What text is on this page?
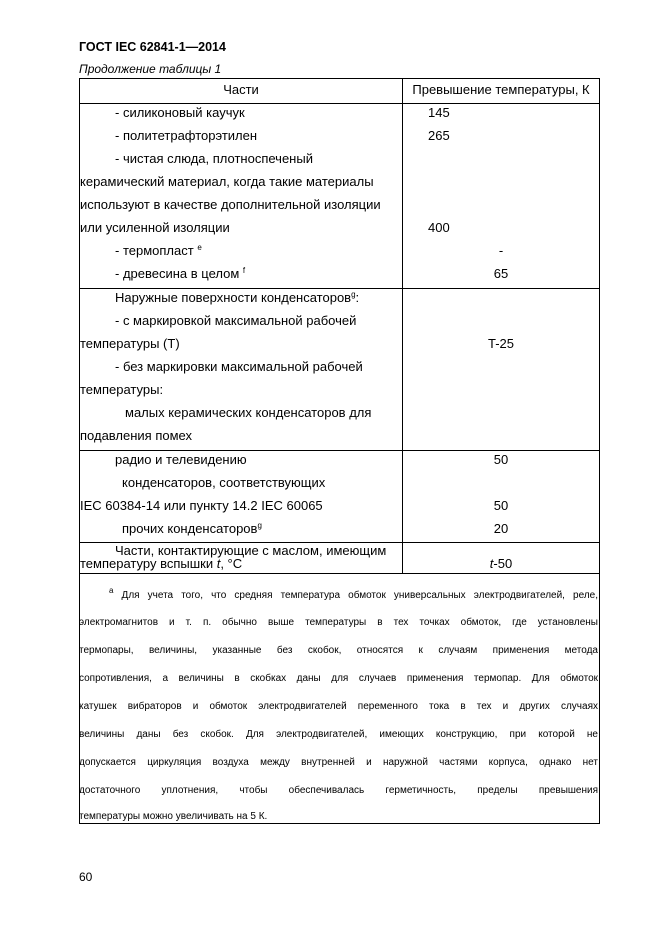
ГОСТ IEC 62841-1—2014
Продолжение таблицы 1
Части	Превышение температуры, К
- силиконовый каучук	145
- политетрафторэтилен	265
- чистая слюда, плотноспеченый
керамический материал, когда такие материалы
используют в качестве дополнительной изоляции
или усиленной изоляции	400
- термопласт $^е$	-
- древесина в целом $^f$	65
Наружные поверхности конденсаторов$^g$:
- с маркировкой максимальной рабочей
температуры (T)	T-25
- без маркировки максимальной рабочей
температуры:
малых керамических конденсаторов для
подавления помех
радио и телевидению	50
конденсаторов, соответствующих
IEC 60384-14 или пункту 14.2 IEC 60065	50
прочих конденсаторов$^g$	20
Части, контактирующие с маслом, имеющим
температуру вспышки t, °С	t-50
$^a$ Для учета того, что средняя температура обмоток универсальных электродвигателей, реле,
электромагнитов и т. п. обычно выше температуры в тех точках обмоток, где установлены
термопары, величины, указанные без скобок, относятся к случаям применения метода
сопротивления, а величины в скобках даны для случаев применения термопар. Для обмоток
катушек вибраторов и обмоток электродвигателей переменного тока в тех и других случаях
величины даны без скобок. Для электродвигателей, имеющих конструкцию, при которой не
допускается циркуляция воздуха между внутренней и наружной частями корпуса, однако нет
достаточного уплотнения, чтобы обеспечивалась герметичность, пределы превышения
температуры можно увеличивать на 5 К.
60
